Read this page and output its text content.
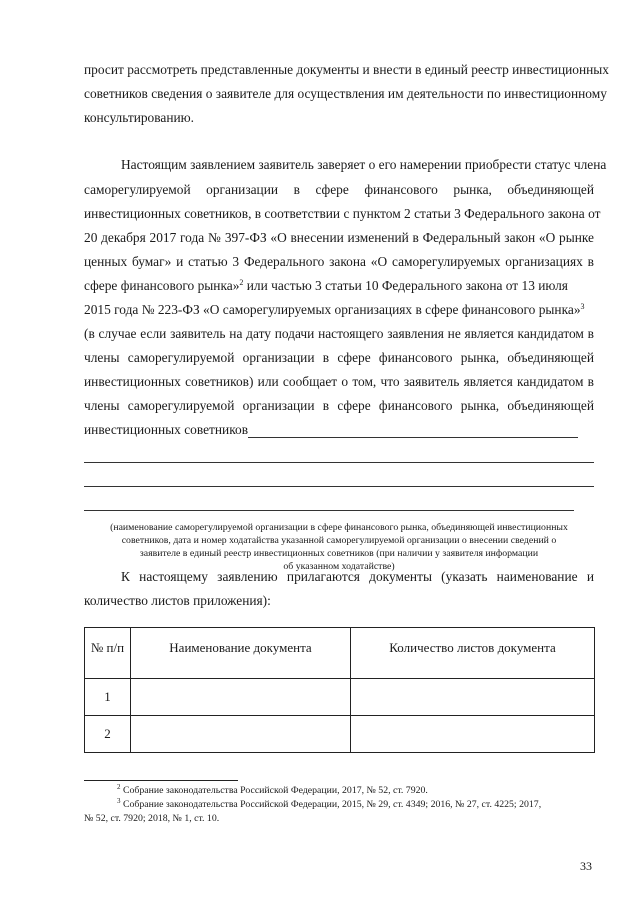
просит рассмотреть представленные документы и внести в единый реестр инвестиционных
советников сведения о заявителе для осуществления им деятельности по инвестиционному
консультированию.
Настоящим заявлением заявитель заверяет о его намерении приобрести статус члена
саморегулируемой организации в сфере финансового рынка, объединяющей
инвестиционных советников, в соответствии с пунктом 2 статьи 3 Федерального закона от
20 декабря 2017 года № 397-ФЗ «О внесении изменений в Федеральный закон «О рынке
ценных бумаг» и статью 3 Федерального закона «О саморегулируемых организациях в
сфере финансового рынка»$^2$ или частью 3 статьи 10 Федерального закона от 13 июля
2015 года № 223-ФЗ «О саморегулируемых организациях в сфере финансового рынка»$^3$
(в случае если заявитель на дату подачи настоящего заявления не является кандидатом в
члены саморегулируемой организации в сфере финансового рынка, объединяющей
инвестиционных советников) или сообщает о том, что заявитель является кандидатом в
члены саморегулируемой организации в сфере финансового рынка, объединяющей
инвестиционных советников
(наименование саморегулируемой организации в сфере финансового рынка, объединяющей инвестиционных
советников, дата и номер ходатайства указанной саморегулируемой организации о внесении сведений о
заявителе в единый реестр инвестиционных советников (при наличии у заявителя информации
об указанном ходатайстве)
К настоящему заявлению прилагаются документы (указать наименование и
количество листов приложения):
№ п/п	Наименование документа	Количество листов документа
1		
2		
$^2$ Собрание законодательства Российской Федерации, 2017, № 52, ст. 7920.
$^3$ Собрание законодательства Российской Федерации, 2015, № 29, ст. 4349; 2016, № 27, ст. 4225; 2017,
№ 52, ст. 7920; 2018, № 1, ст. 10.
33
